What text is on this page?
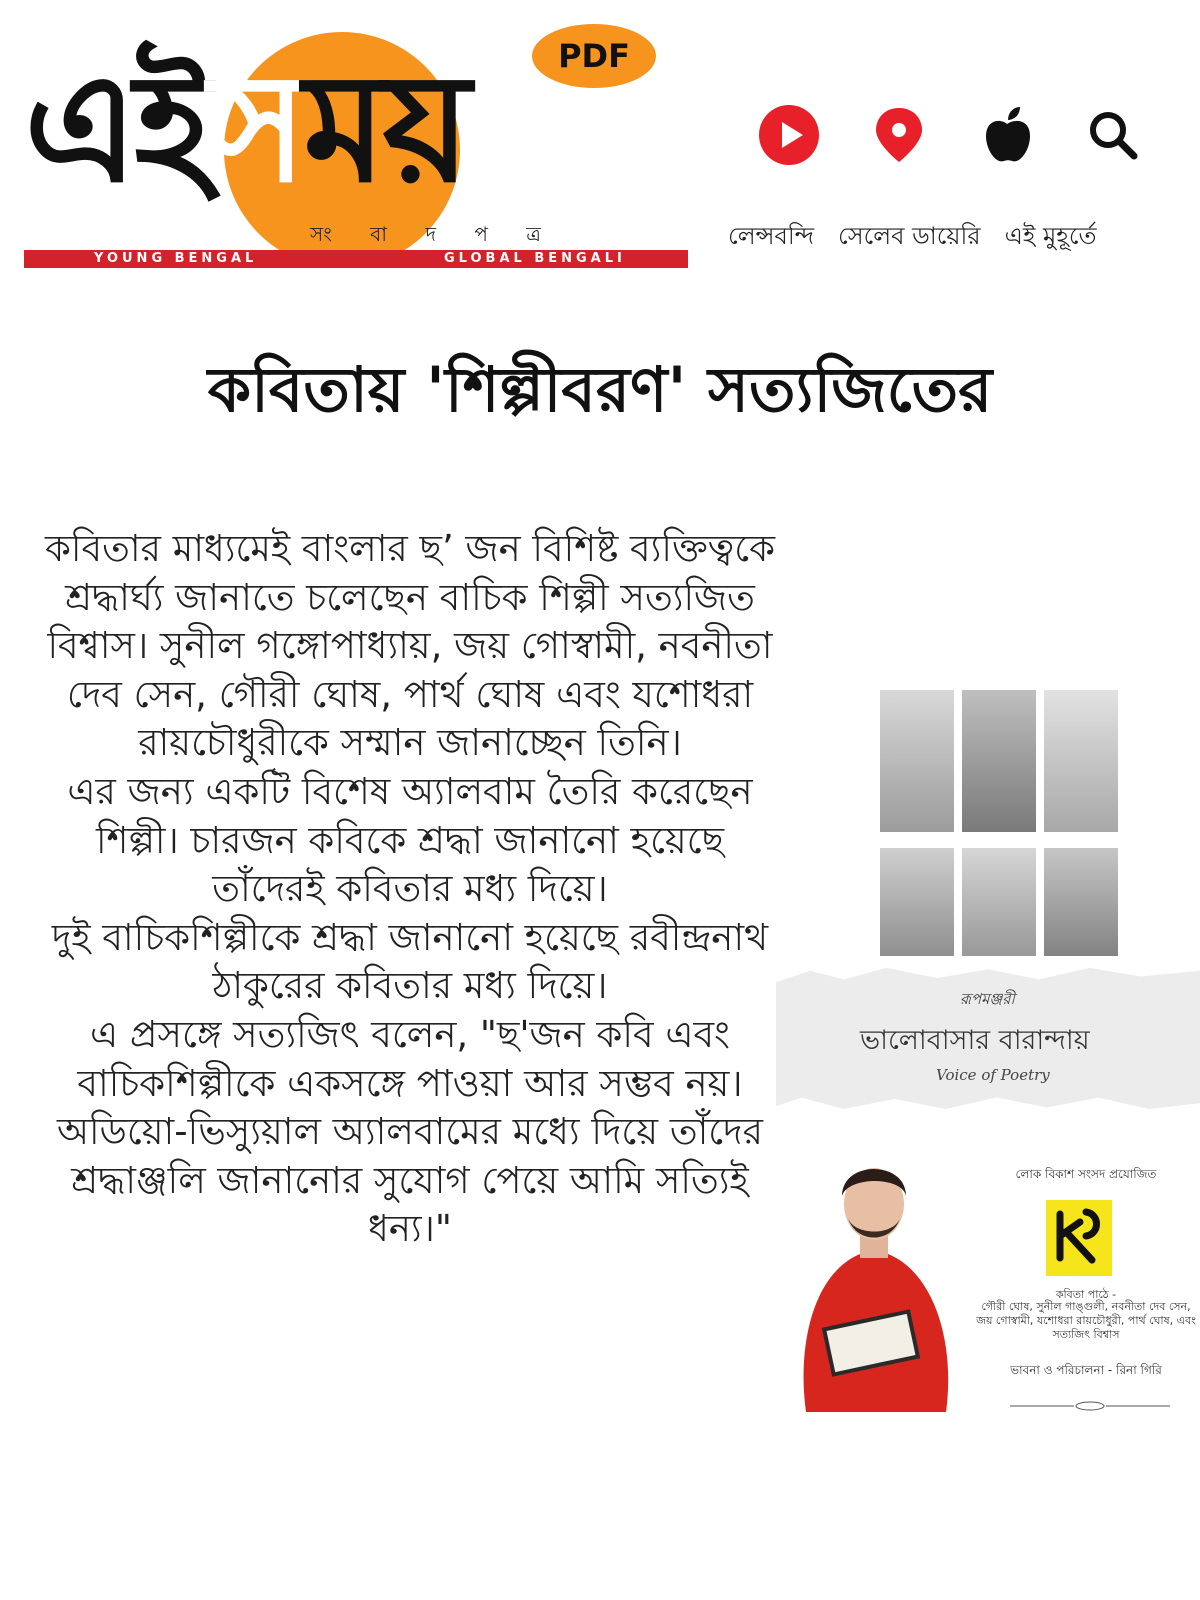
এইসময়	PDF
সং বা দ প ত্র
YOUNG BENGAL	GLOBAL BENGALI
লেন্সবন্দি সেলেব ডায়েরি এই মুহূর্তে
কবিতায় 'শিল্পীবরণ' সত্যজিতের
কবিতার মাধ্যমেই বাংলার ছ’ জন বিশিষ্ট ব্যক্তিত্বকে শ্রদ্ধার্ঘ্য জানাতে চলেছেন বাচিক শিল্পী সত্যজিত বিশ্বাস। সুনীল গঙ্গোপাধ্যায়, জয় গোস্বামী, নবনীতা দেব সেন, গৌরী ঘোষ, পার্থ ঘোষ এবং যশোধরা রায়চৌধুরীকে সম্মান জানাচ্ছেন তিনি।
এর জন্য একটি বিশেষ অ্যালবাম তৈরি করেছেন শিল্পী। চারজন কবিকে শ্রদ্ধা জানানো হয়েছে তাঁদেরই কবিতার মধ্য দিয়ে।
দুই বাচিকশিল্পীকে শ্রদ্ধা জানানো হয়েছে রবীন্দ্রনাথ ঠাকুরের কবিতার মধ্য দিয়ে।
এ প্রসঙ্গে সত্যজিৎ বলেন, "ছ'জন কবি এবং বাচিকশিল্পীকে একসঙ্গে পাওয়া আর সম্ভব নয়। অডিয়ো-ভিস্যুয়াল অ্যালবামের মধ্যে দিয়ে তাঁদের শ্রদ্ধাঞ্জলি জানানোর সুযোগ পেয়ে আমি সত্যিই ধন্য।"
রূপমঞ্জরী
ভালোবাসার বারান্দায়
Voice of Poetry
লোক বিকাশ সংসদ প্রযোজিত
কবিতা পাঠে -
গৌরী ঘোষ, সুনীল গাঙ্গুলী, নবনীতা দেব সেন, জয় গোস্বামী, যশোধরা রায়চৌধুরী, পার্থ ঘোষ, এবং সত্যজিৎ বিশ্বাস
ভাবনা ও পরিচালনা - রিনা গিরি
